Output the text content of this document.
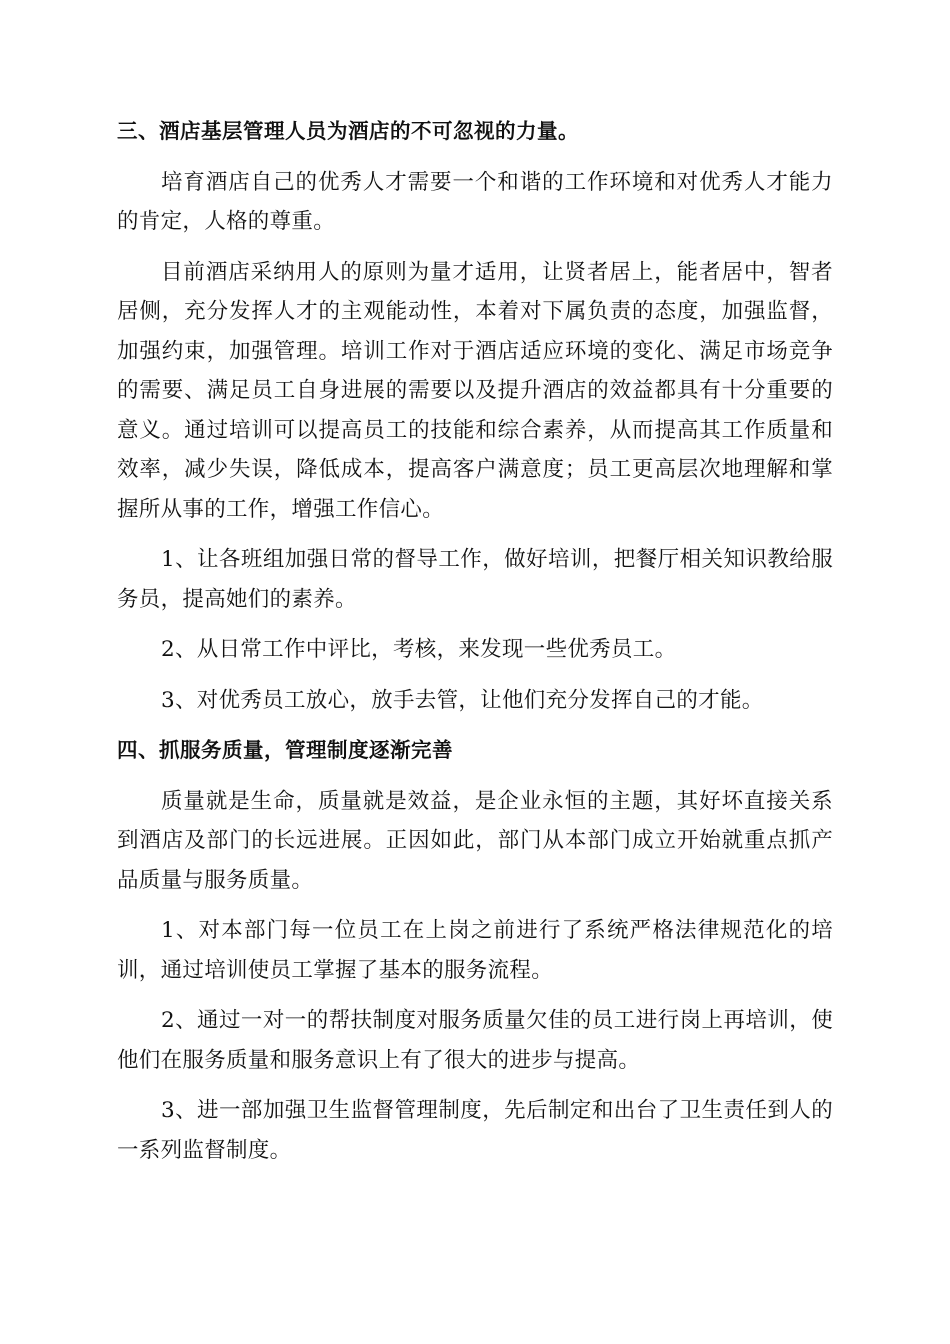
三、酒店基层管理人员为酒店的不可忽视的力量。

培育酒店自己的优秀人才需要一个和谐的工作环境和对优秀人才能力的肯定，人格的尊重。

目前酒店采纳用人的原则为量才适用，让贤者居上，能者居中，智者居侧，充分发挥人才的主观能动性，本着对下属负责的态度，加强监督，加强约束，加强管理。培训工作对于酒店适应环境的变化、满足市场竞争的需要、满足员工自身进展的需要以及提升酒店的效益都具有十分重要的意义。通过培训可以提高员工的技能和综合素养，从而提高其工作质量和效率，减少失误，降低成本，提高客户满意度；员工更高层次地理解和掌握所从事的工作，增强工作信心。

1、让各班组加强日常的督导工作，做好培训，把餐厅相关知识教给服务员，提高她们的素养。

2、从日常工作中评比，考核，来发现一些优秀员工。

3、对优秀员工放心，放手去管，让他们充分发挥自己的才能。

四、抓服务质量，管理制度逐渐完善

质量就是生命，质量就是效益，是企业永恒的主题，其好坏直接关系到酒店及部门的长远进展。正因如此，部门从本部门成立开始就重点抓产品质量与服务质量。

1、对本部门每一位员工在上岗之前进行了系统严格法律规范化的培训，通过培训使员工掌握了基本的服务流程。

2、通过一对一的帮扶制度对服务质量欠佳的员工进行岗上再培训，使他们在服务质量和服务意识上有了很大的进步与提高。

3、进一部加强卫生监督管理制度，先后制定和出台了卫生责任到人的一系列监督制度。
